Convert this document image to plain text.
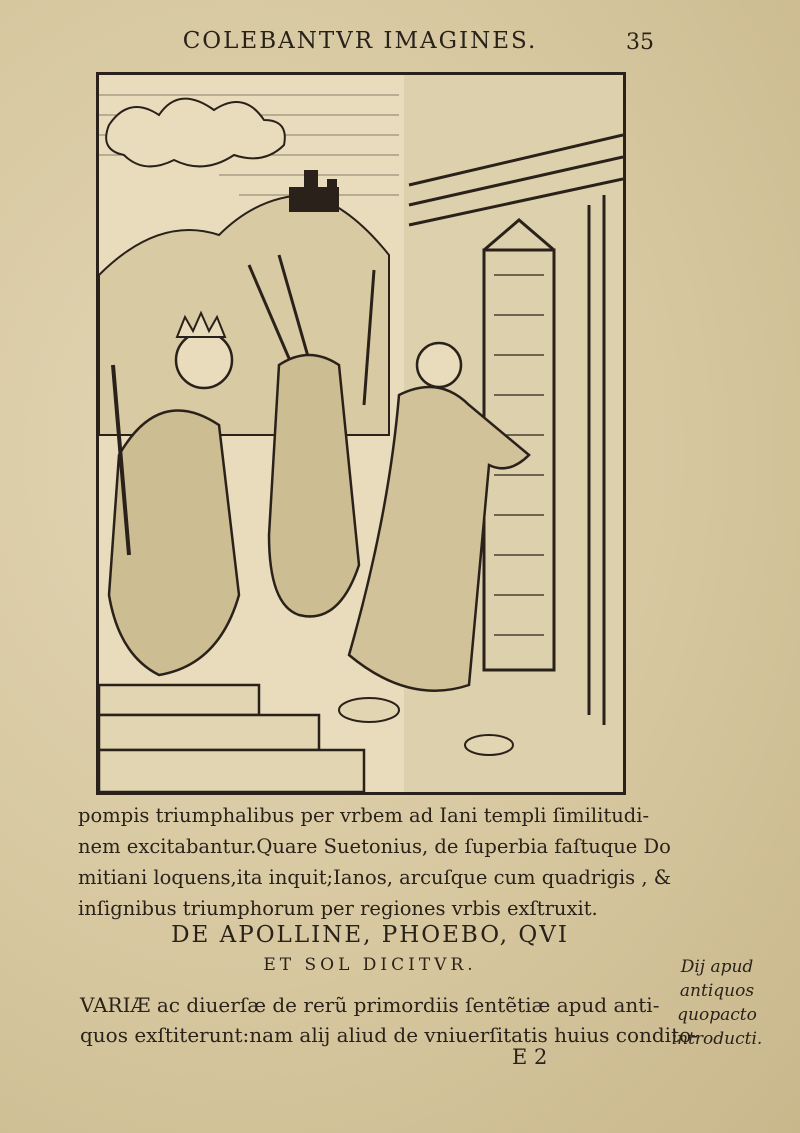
COLEBANTVR IMAGINES.	35
pompis triumphalibus per vrbem ad Iani templi ſimilitudi-
nem excitabantur.Quare Suetonius, de ſuperbia faſtuque Do
mitiani loquens,ita inquit;Ianos, arcuſque cum quadrigis , &
inſignibus triumphorum per regiones vrbis exſtruxit.
DE APOLLINE, PHOEBO, QVI
ET SOL DICITVR.
VARIÆ ac diuerſæ de rerũ primordiis ſentẽtiæ apud anti-
quos exſtiterunt:nam alij aliud de vniuerſitatis huius condito-
E 2
Dij apud
antiquos
quopacto
introducti.
